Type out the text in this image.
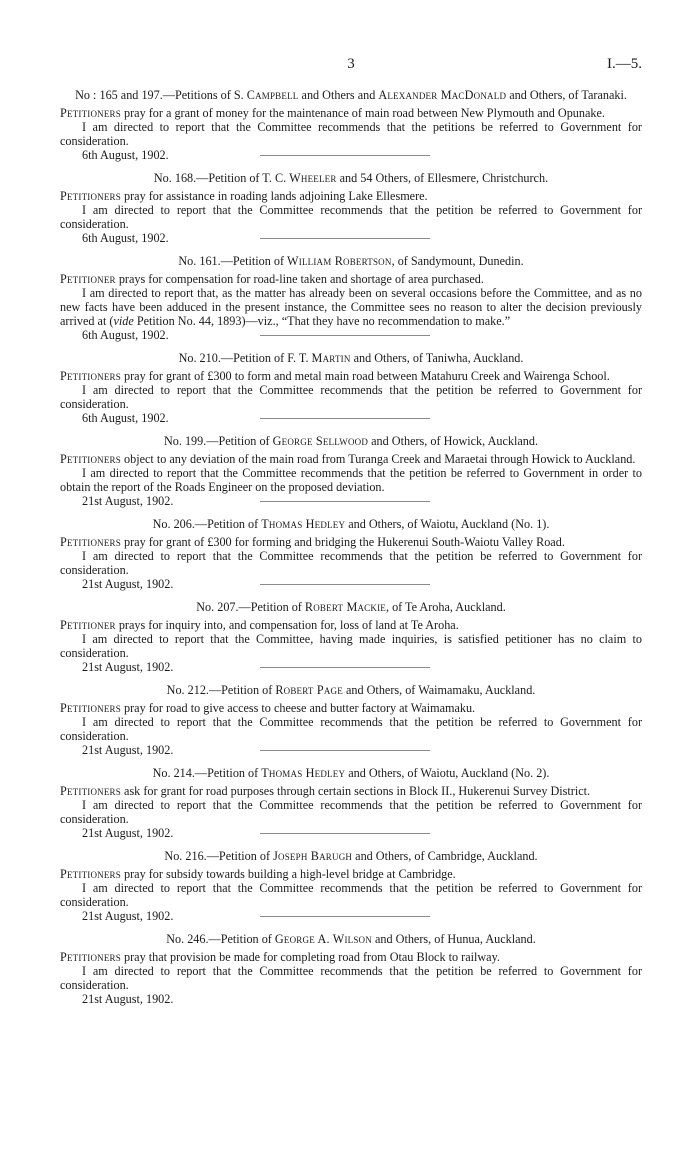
3	I.—5.
No : 165 and 197.—Petitions of S. Campbell and Others and Alexander MacDonald and Others, of Taranaki.
Petitioners pray for a grant of money for the maintenance of main road between New Plymouth and Opunake.
I am directed to report that the Committee recommends that the petitions be referred to Government for consideration.
6th August, 1902.
No. 168.—Petition of T. C. Wheeler and 54 Others, of Ellesmere, Christchurch.
Petitioners pray for assistance in roading lands adjoining Lake Ellesmere.
I am directed to report that the Committee recommends that the petition be referred to Government for consideration.
6th August, 1902.
No. 161.—Petition of William Robertson, of Sandymount, Dunedin.
Petitioner prays for compensation for road-line taken and shortage of area purchased.
I am directed to report that, as the matter has already been on several occasions before the Committee, and as no new facts have been adduced in the present instance, the Committee sees no reason to alter the decision previously arrived at (vide Petition No. 44, 1893)—viz., “That they have no recommendation to make.”
6th August, 1902.
No. 210.—Petition of F. T. Martin and Others, of Taniwha, Auckland.
Petitioners pray for grant of £300 to form and metal main road between Matahuru Creek and Wairenga School.
I am directed to report that the Committee recommends that the petition be referred to Government for consideration.
6th August, 1902.
No. 199.—Petition of George Sellwood and Others, of Howick, Auckland.
Petitioners object to any deviation of the main road from Turanga Creek and Maraetai through Howick to Auckland.
I am directed to report that the Committee recommends that the petition be referred to Government in order to obtain the report of the Roads Engineer on the proposed deviation.
21st August, 1902.
No. 206.—Petition of Thomas Hedley and Others, of Waiotu, Auckland (No. 1).
Petitioners pray for grant of £300 for forming and bridging the Hukerenui South-Waiotu Valley Road.
I am directed to report that the Committee recommends that the petition be referred to Government for consideration.
21st August, 1902.
No. 207.—Petition of Robert Mackie, of Te Aroha, Auckland.
Petitioner prays for inquiry into, and compensation for, loss of land at Te Aroha.
I am directed to report that the Committee, having made inquiries, is satisfied petitioner has no claim to consideration.
21st August, 1902.
No. 212.—Petition of Robert Page and Others, of Waimamaku, Auckland.
Petitioners pray for road to give access to cheese and butter factory at Waimamaku.
I am directed to report that the Committee recommends that the petition be referred to Government for consideration.
21st August, 1902.
No. 214.—Petition of Thomas Hedley and Others, of Waiotu, Auckland (No. 2).
Petitioners ask for grant for road purposes through certain sections in Block II., Hukerenui Survey District.
I am directed to report that the Committee recommends that the petition be referred to Government for consideration.
21st August, 1902.
No. 216.—Petition of Joseph Barugh and Others, of Cambridge, Auckland.
Petitioners pray for subsidy towards building a high-level bridge at Cambridge.
I am directed to report that the Committee recommends that the petition be referred to Government for consideration.
21st August, 1902.
No. 246.—Petition of George A. Wilson and Others, of Hunua, Auckland.
Petitioners pray that provision be made for completing road from Otau Block to railway.
I am directed to report that the Committee recommends that the petition be referred to Government for consideration.
21st August, 1902.
